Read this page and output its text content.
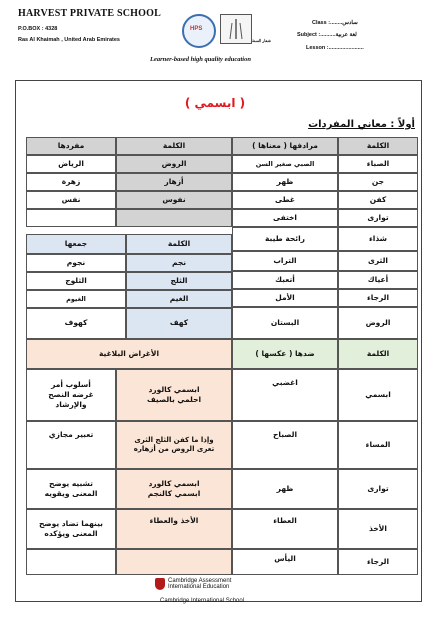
HARVEST PRIVATE SCHOOL
P.O.BOX : 4328
Ras Al Khaimah , United Arab Emirates
HPS
شعار السنة
Learner-based high quality education
Class :........سادس
Subject :..........لغة عربية
Lesson :.......................
( ابسمي )
أولاً : معاني المفردات
الكلمة
مرادفها ( معناها )
الكلمة
مفردها
الصباء
الصبي صغير السن
الروض
الرياض
جن
ظهر
أزهار
زهرة
كفن
غطى
نفوس
نفس
توارى
اختفى
شذاء
رائحة طيبة
الثرى
التراب
أعياك
أتعبك
الرجاء
الأمل
الروض
البستان
الكلمة
جمعها
نجم
نجوم
الثلج
الثلوج
الغيم
الغيوم
كهف
كهوف
الكلمة
ضدها ( عكسها )
الأغراض البلاغية
ابسمي
اغضبي
ابسمي كالورد
احلمي بالصيف
أسلوب أمر
غرضه النصح
والإرشاد
المساء
الصباح
وإذا ما كفن الثلج الثرى
تعرى الروض من أزهاره
تعبير مجازي
توارى
ظهر
ابسمي كالورد
ابسمي كالنجم
تشبيه يوضح
المعنى ويقويه
الأخذ
العطاء
الأخذ والعطاء
بينهما تضاد يوضح
المعنى ويؤكده
الرجاء
اليأس
Cambridge Assessment
International Education
Cambridge International School
